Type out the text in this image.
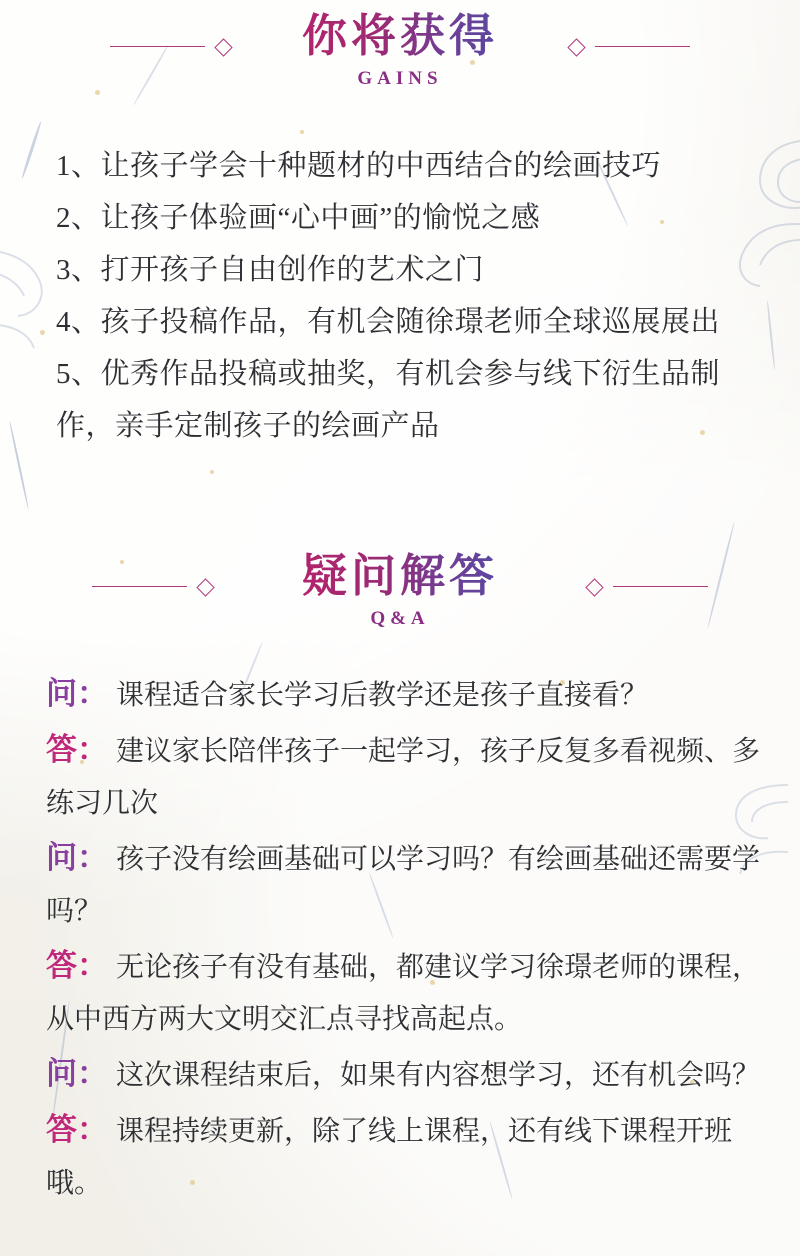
你将获得
GAINS

1、让孩子学会十种题材的中西结合的绘画技巧

2、让孩子体验画“心中画”的愉悦之感

3、打开孩子自由创作的艺术之门

4、孩子投稿作品，有机会随徐璟老师全球巡展展出

5、优秀作品投稿或抽奖，有机会参与线下衍生品制作，亲手定制孩子的绘画产品

疑问解答
Q&A

问： 课程适合家长学习后教学还是孩子直接看？

答： 建议家长陪伴孩子一起学习，孩子反复多看视频、多练习几次

问： 孩子没有绘画基础可以学习吗？有绘画基础还需要学吗？

答： 无论孩子有没有基础，都建议学习徐璟老师的课程，从中西方两大文明交汇点寻找高起点。

问： 这次课程结束后，如果有内容想学习，还有机会吗？

答： 课程持续更新，除了线上课程，还有线下课程开班哦。
